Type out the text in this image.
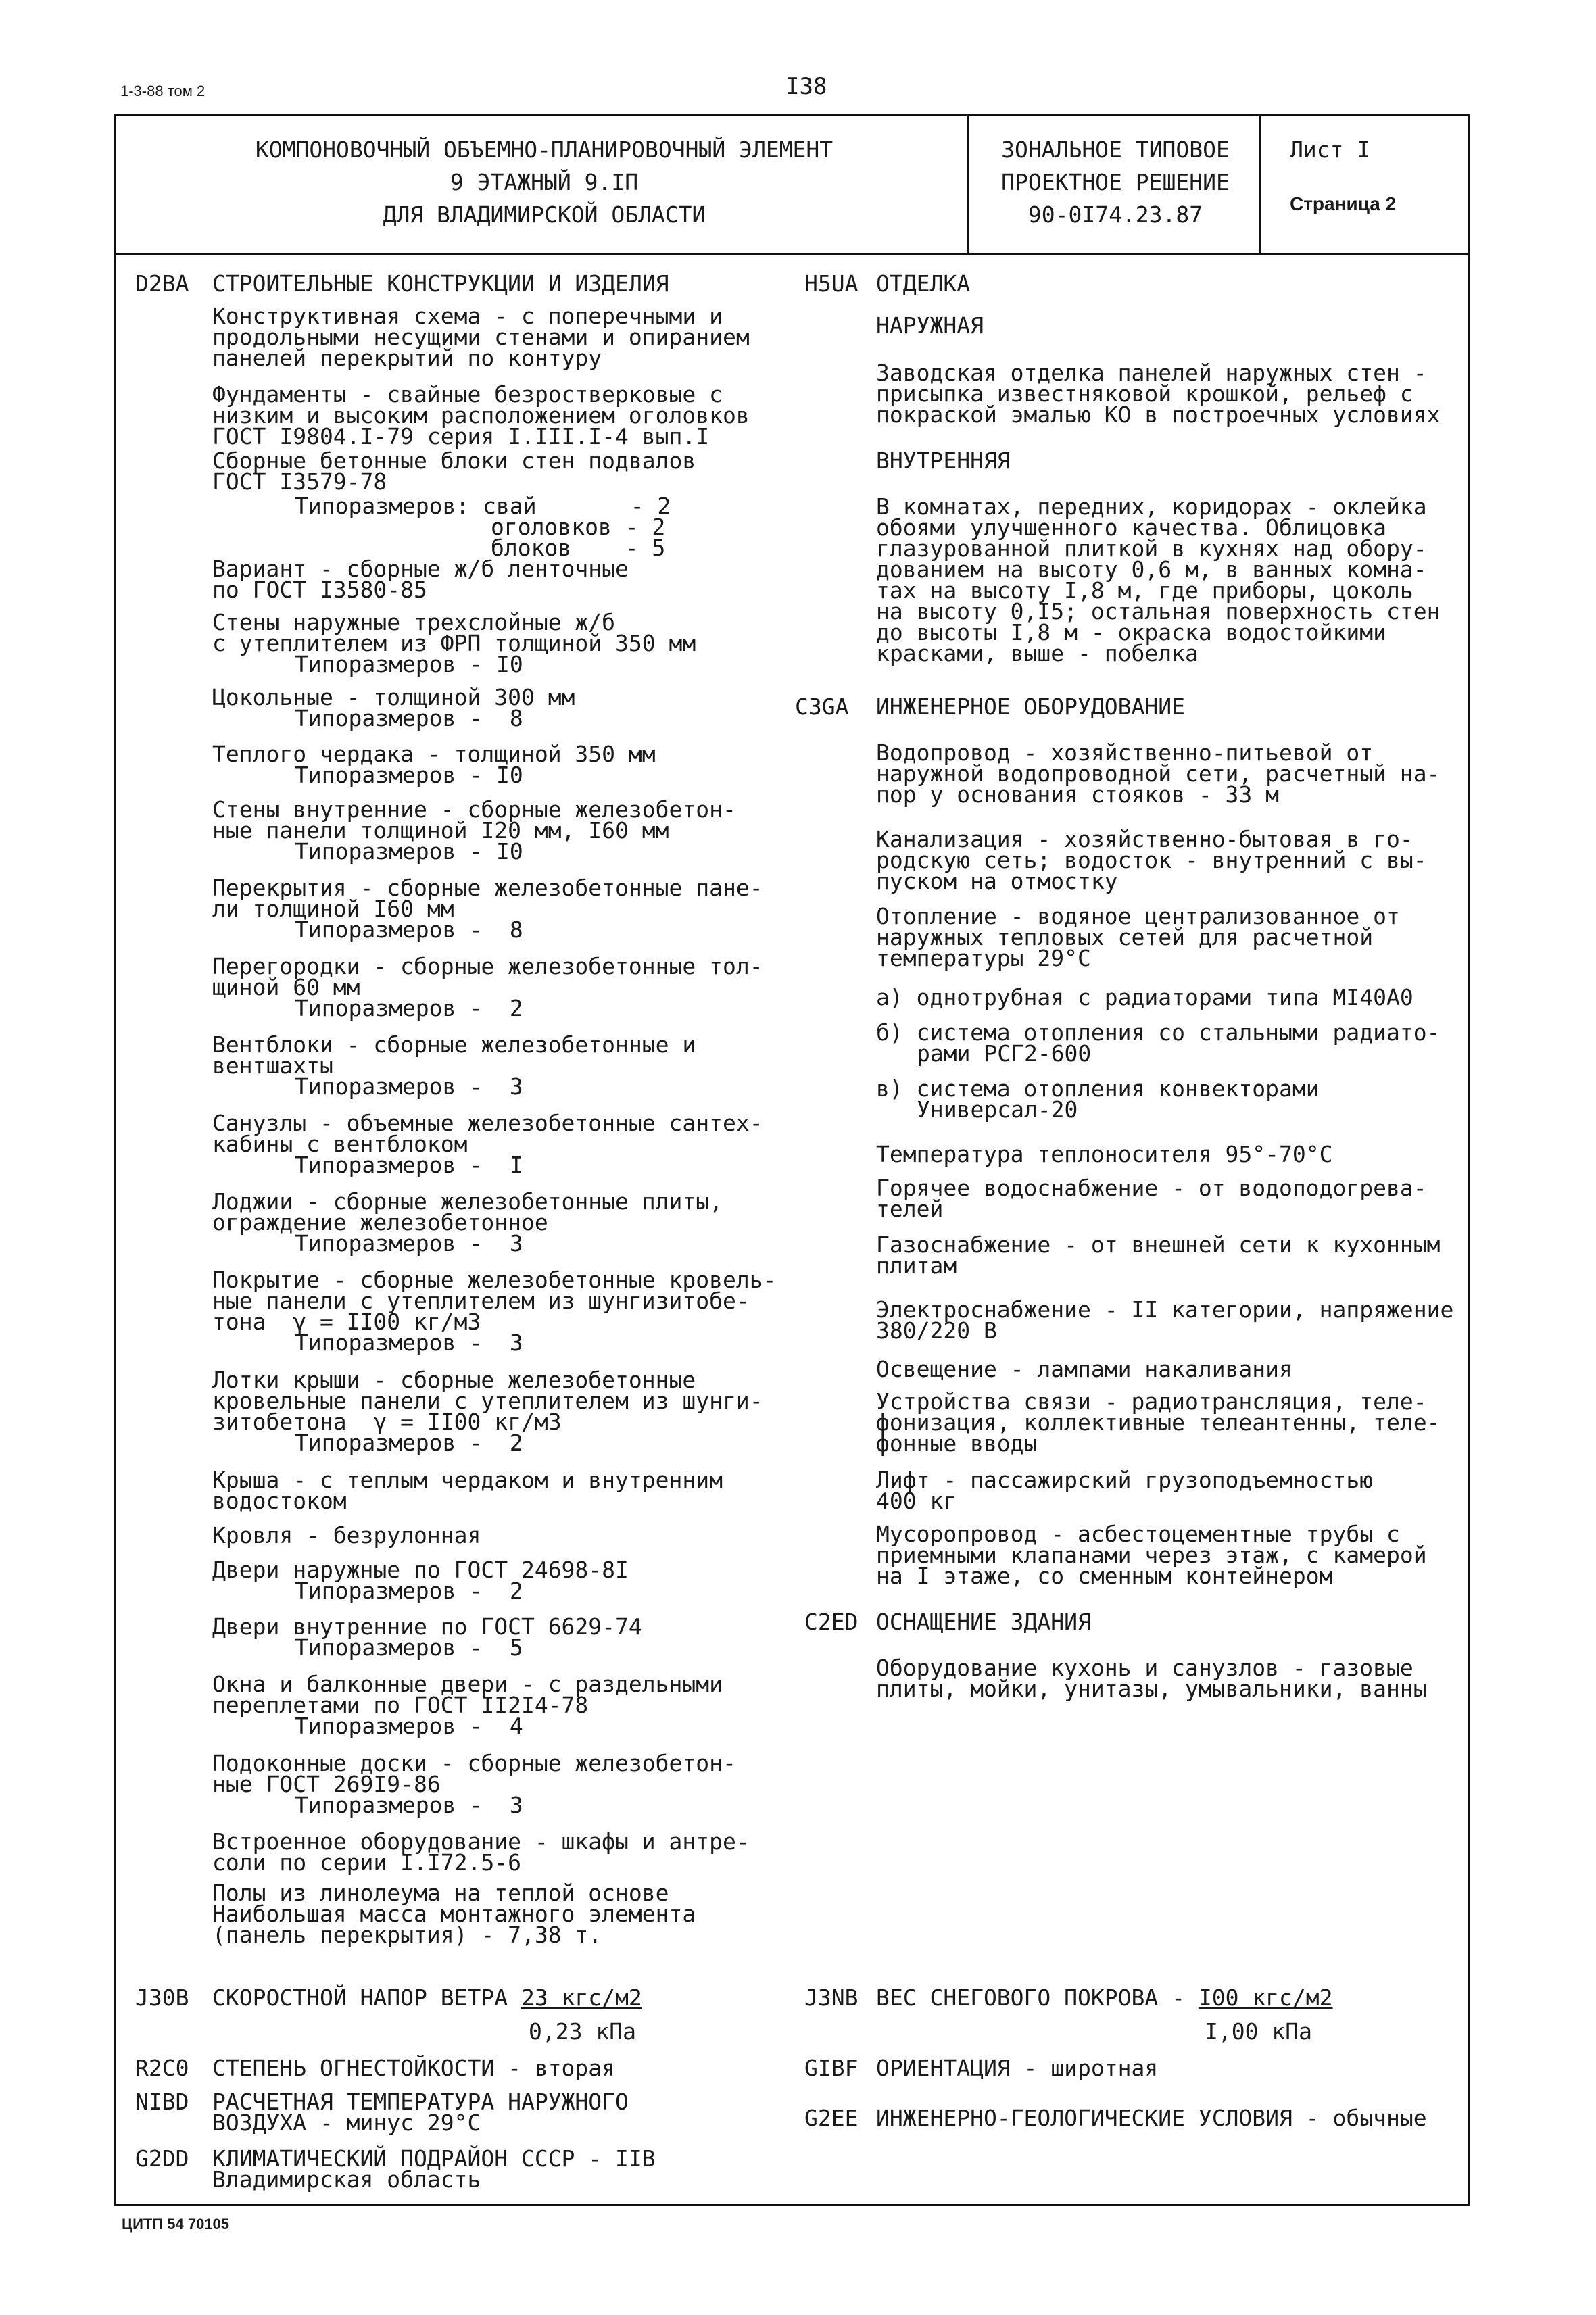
1-3-88 том 2	I38
КОМПОНОВОЧНЫЙ ОБЪЕМНО-ПЛАНИРОВОЧНЫЙ ЭЛЕМЕНТ
9 ЭТАЖНЫЙ 9.IП
ДЛЯ ВЛАДИМИРСКОЙ ОБЛАСТИ
ЗОНАЛЬНОЕ ТИПОВОЕ
ПРОЕКТНОЕ РЕШЕНИЕ
90-0I74.23.87
Лист I
Страница 2
D2BA СТРОИТЕЛЬНЫЕ КОНСТРУКЦИИ И ИЗДЕЛИЯ
Конструктивная схема - с поперечными и
продольными несущими стенами и опиранием
панелей перекрытий по контуру
Фундаменты - свайные безростверковые с
низким и высоким расположением оголовков
ГОСТ I9804.I-79 серия I.III.I-4 вып.I
Сборные бетонные блоки стен подвалов
ГОСТ I3579-78
Типоразмеров: свай       - 2
оголовков - 2
блоков    - 5
Вариант - сборные ж/б ленточные
по ГОСТ I3580-85
Стены наружные трехслойные ж/б
с утеплителем из ФРП толщиной 350 мм
Типоразмеров - I0
Цокольные - толщиной 300 мм
Типоразмеров -  8
Теплого чердака - толщиной 350 мм
Типоразмеров - I0
Стены внутренние - сборные железобетон-
ные панели толщиной I20 мм, I60 мм
Типоразмеров - I0
Перекрытия - сборные железобетонные пане-
ли толщиной I60 мм
Типоразмеров -  8
Перегородки - сборные железобетонные тол-
щиной 60 мм
Типоразмеров -  2
Вентблоки - сборные железобетонные и
вентшахты
Типоразмеров -  3
Санузлы - объемные железобетонные сантех-
кабины с вентблоком
Типоразмеров -  I
Лоджии - сборные железобетонные плиты,
ограждение железобетонное
Типоразмеров -  3
Покрытие - сборные железобетонные кровель-
ные панели с утеплителем из шунгизитобе-
тона  γ = II00 кг/м3
Типоразмеров -  3
Лотки крыши - сборные железобетонные
кровельные панели с утеплителем из шунги-
зитобетона  γ = II00 кг/м3
Типоразмеров -  2
Крыша - с теплым чердаком и внутренним
водостоком
Кровля - безрулонная
Двери наружные по ГОСТ 24698-8I
Типоразмеров -  2
Двери внутренние по ГОСТ 6629-74
Типоразмеров -  5
Окна и балконные двери - с раздельными
переплетами по ГОСТ II2I4-78
Типоразмеров -  4
Подоконные доски - сборные железобетон-
ные ГОСТ 269I9-86
Типоразмеров -  3
Встроенное оборудование - шкафы и антре-
соли по серии I.I72.5-6
Полы из линолеума на теплой основе
Наибольшая масса монтажного элемента
(панель перекрытия) - 7,38 т.
H5UA ОТДЕЛКА
НАРУЖНАЯ
Заводская отделка панелей наружных стен -
присыпка известняковой крошкой, рельеф с
покраской эмалью КО в построечных условиях
ВНУТРЕННЯЯ
В комнатах, передних, коридорах - оклейка
обоями улучшенного качества. Облицовка
глазурованной плиткой в кухнях над обору-
дованием на высоту 0,6 м, в ванных комна-
тах на высоту I,8 м, где приборы, цоколь
на высоту 0,I5; остальная поверхность стен
до высоты I,8 м - окраска водостойкими
красками, выше - побелка
C3GA ИНЖЕНЕРНОЕ ОБОРУДОВАНИЕ
Водопровод - хозяйственно-питьевой от
наружной водопроводной сети, расчетный на-
пор у основания стояков - 33 м
Канализация - хозяйственно-бытовая в го-
родскую сеть; водосток - внутренний с вы-
пуском на отмостку
Отопление - водяное централизованное от
наружных тепловых сетей для расчетной
температуры 29°С
а) однотрубная с радиаторами типа МI40А0
б) система отопления со стальными радиато-
рами РСГ2-600
в) система отопления конвекторами
Универсал-20
Температура теплоносителя 95°-70°С
Горячее водоснабжение - от водоподогрева-
телей
Газоснабжение - от внешней сети к кухонным
плитам
Электроснабжение - II категории, напряжение
380/220 В
Освещение - лампами накаливания
Устройства связи - радиотрансляция, теле-
фонизация, коллективные телеантенны, теле-
фонные вводы
Лифт - пассажирский грузоподъемностью
400 кг
Мусоропровод - асбестоцементные трубы с
приемными клапанами через этаж, с камерой
на I этаже, со сменным контейнером
C2ED ОСНАЩЕНИЕ ЗДАНИЯ
Оборудование кухонь и санузлов - газовые
плиты, мойки, унитазы, умывальники, ванны
J30B СКОРОСТНОЙ НАПОР ВЕТРА 23 кгс/м2
0,23 кПа
R2C0 СТЕПЕНЬ ОГНЕСТОЙКОСТИ - вторая
NIBD РАСЧЕТНАЯ ТЕМПЕРАТУРА НАРУЖНОГО
ВОЗДУХА - минус 29°С
G2DD КЛИМАТИЧЕСКИЙ ПОДРАЙОН СССР - IIВ
Владимирская область
J3NB ВЕС СНЕГОВОГО ПОКРОВА - I00 кгс/м2
I,00 кПа
GIBF ОРИЕНТАЦИЯ - широтная
G2EE ИНЖЕНЕРНО-ГЕОЛОГИЧЕСКИЕ УСЛОВИЯ - обычные
ЦИТП 54 70105
